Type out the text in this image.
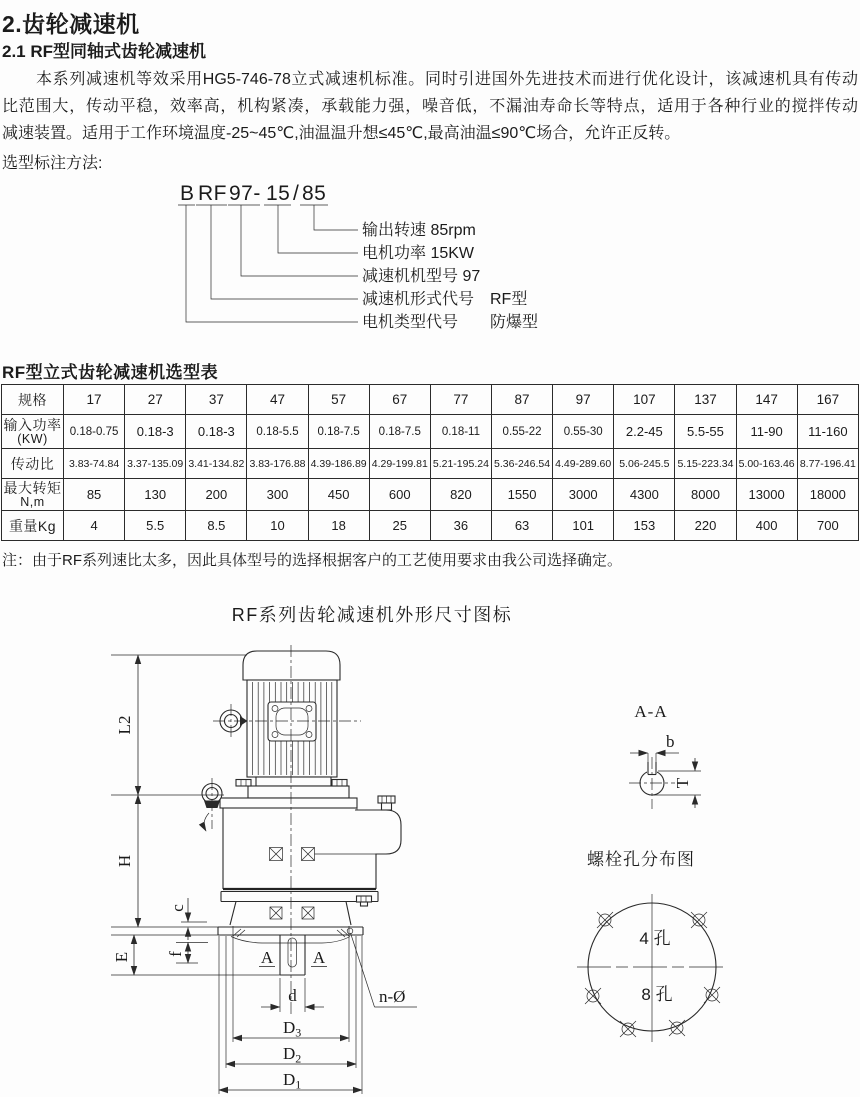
2.齿轮减速机
2.1 RF型同轴式齿轮减速机
本系列减速机等效采用HG5-746-78立式减速机标准。同时引进国外先进技术而进行优化设计，该减速机具有传动
比范围大，传动平稳，效率高，机构紧凑，承载能力强，噪音低，不漏油寿命长等特点，适用于各种行业的搅拌传动
减速装置。适用于工作环境温度-25~45℃,油温温升想≤45℃,最高油温≤90℃场合，允许正反转。
选型标注方法:
B RF 97- 15 / 85
输出转速 85rpm
电机功率 15KW
减速机机型号 97
减速机形式代号　RF型
电机类型代号　　防爆型
RF型立式齿轮减速机选型表
规格	17	27	37	47	57	67	77	87	97	107	137	147	167

输入功率
(KW)	0.18-0.75	0.18-3	0.18-3	0.18-5.5	0.18-7.5	0.18-7.5	0.18-11	0.55-22	0.55-30	2.2-45	5.5-55	11-90	11-160
传动比	3.83-74.84	3.37-135.09	3.41-134.82	3.83-176.88	4.39-186.89	4.29-199.81	5.21-195.24	5.36-246.54	4.49-289.60	5.06-245.5	5.15-223.34	5.00-163.46	8.77-196.41

最大转矩
N,m	85	130	200	300	450	600	820	1550	3000	4300	8000	13000	18000
重量Kg	4	5.5	8.5	10	18	25	36	63	101	153	220	400	700
注：由于RF系列速比太多，因此具体型号的选择根据客户的工艺使用要求由我公司选择确定。
A A
L2
H
E
c
f
d
$D_3$
$D_2$
$D_1$
n-Ø
A-A
b
T
螺栓孔分布图
4 孔
8 孔
RF系列齿轮减速机外形尺寸图标
